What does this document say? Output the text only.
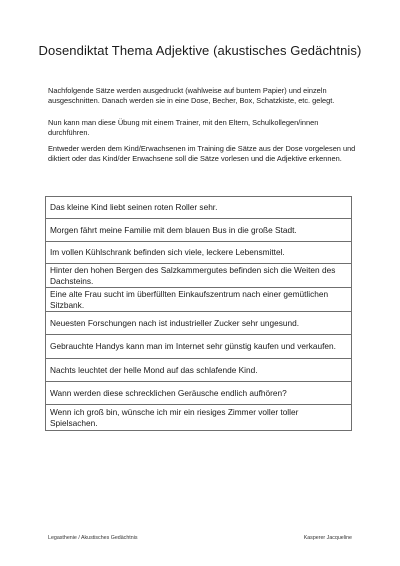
Dosendiktat Thema Adjektive (akustisches Gedächtnis)
Nachfolgende Sätze werden ausgedruckt (wahlweise auf buntem Papier) und einzeln ausgeschnitten. Danach werden sie in eine Dose, Becher, Box, Schatzkiste, etc. gelegt.
Nun kann man diese Übung mit einem Trainer, mit den Eltern, Schulkollegen/innen durchführen.
Entweder werden dem Kind/Erwachsenen im Training die Sätze aus der Dose vorgelesen und diktiert oder das Kind/der Erwachsene soll die Sätze vorlesen und die Adjektive erkennen.
Das kleine Kind liebt seinen roten Roller sehr.
Morgen fährt meine Familie mit dem blauen Bus in die große Stadt.
Im vollen Kühlschrank befinden sich viele, leckere Lebensmittel.
Hinter den hohen Bergen des Salzkammergutes befinden sich die Weiten des Dachsteins.
Eine alte Frau sucht im überfüllten Einkaufszentrum nach einer gemütlichen Sitzbank.
Neuesten Forschungen nach ist industrieller Zucker sehr ungesund.
Gebrauchte Handys kann man im Internet sehr günstig kaufen und verkaufen.
Nachts leuchtet der helle Mond auf das schlafende Kind.
Wann werden diese schrecklichen Geräusche endlich aufhören?
Wenn ich groß bin, wünsche ich mir ein riesiges Zimmer voller toller Spielsachen.
Legasthenie / Akustisches Gedächtnis	Kasperer Jacqueline
